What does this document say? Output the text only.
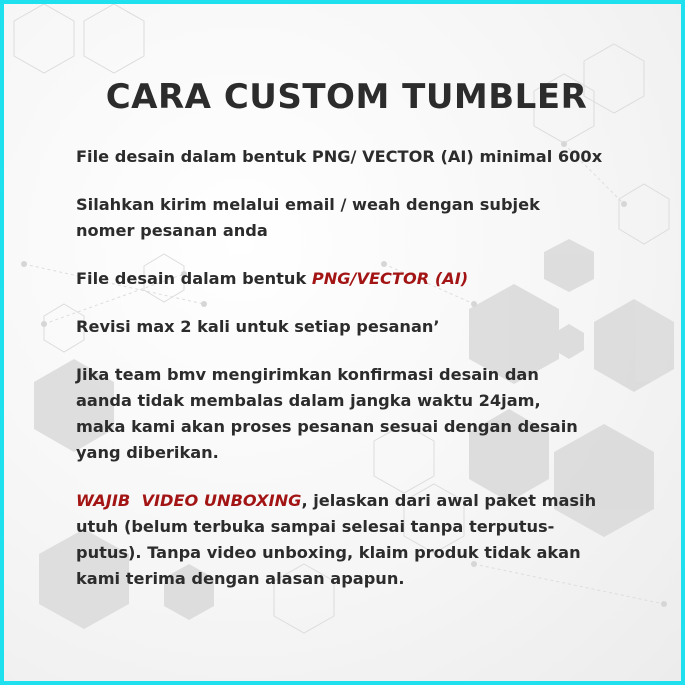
CARA CUSTOM TUMBLER

File desain dalam bentuk PNG/ VECTOR (AI) minimal 600x

Silahkan kirim melalui email / weah dengan subjek
nomer pesanan anda

File desain dalam bentuk PNG/VECTOR (AI)

Revisi max 2 kali untuk setiap pesanan’

Jika team bmv mengirimkan konfirmasi desain dan
aanda tidak membalas dalam jangka waktu 24jam,
maka kami akan proses pesanan sesuai dengan desain
yang diberikan.

WAJIB  VIDEO UNBOXING, jelaskan dari awal paket masih
utuh (belum terbuka sampai selesai tanpa terputus-
putus). Tanpa video unboxing, klaim produk tidak akan
kami terima dengan alasan apapun.
